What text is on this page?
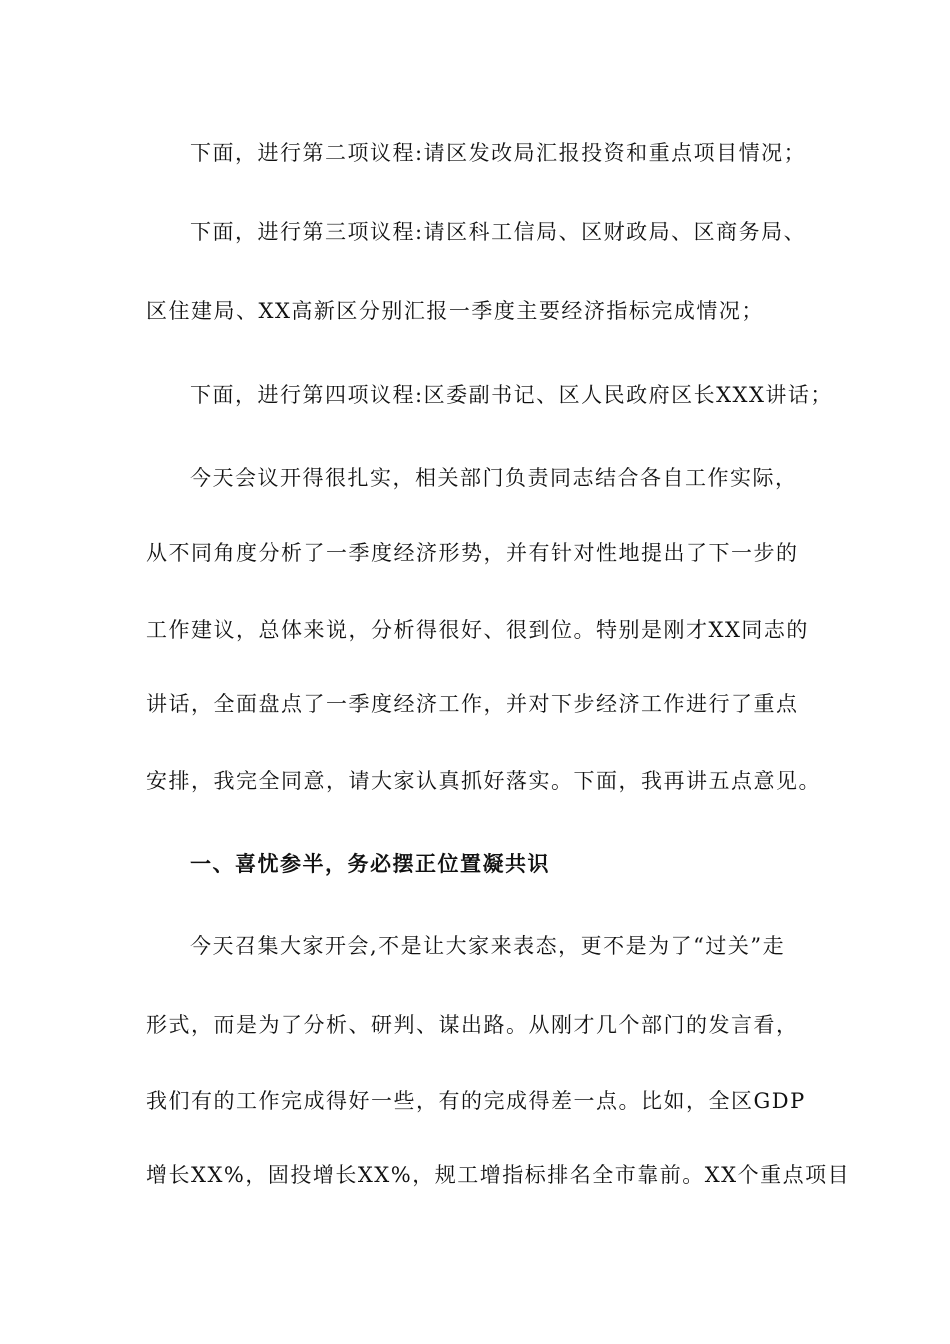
下面，进行第二项议程:请区发改局汇报投资和重点项目情况；
下面，进行第三项议程:请区科工信局、区财政局、区商务局、
区住建局、XX高新区分别汇报一季度主要经济指标完成情况；
下面，进行第四项议程:区委副书记、区人民政府区长XXX讲话；
今天会议开得很扎实，相关部门负责同志结合各自工作实际，
从不同角度分析了一季度经济形势，并有针对性地提出了下一步的
工作建议，总体来说，分析得很好、很到位。特别是刚才XX同志的
讲话，全面盘点了一季度经济工作，并对下步经济工作进行了重点
安排，我完全同意，请大家认真抓好落实。下面，我再讲五点意见。
一、喜忧参半，务必摆正位置凝共识
今天召集大家开会,不是让大家来表态，更不是为了“过关”走
形式，而是为了分析、研判、谋出路。从刚才几个部门的发言看，
我们有的工作完成得好一些，有的完成得差一点。比如，全区GDP
增长XX%，固投增长XX%，规工增指标排名全市靠前。XX个重点项目
